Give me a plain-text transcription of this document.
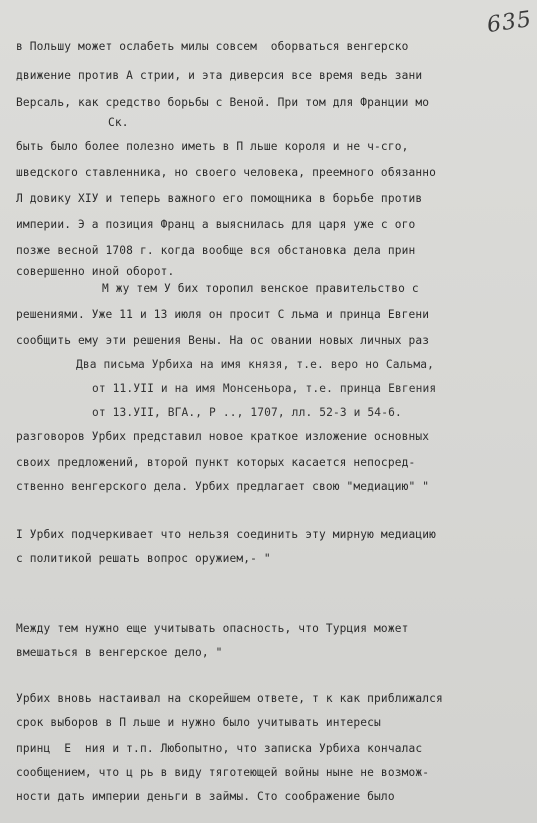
635
в Польшу может ослабеть милы совсем  оборваться венгерско
движение против А стрии, и эта диверсия все время ведь зани
Версаль, как средство борьбы с Веной. При том для Франции мо
Ск.
быть было более полезно иметь в П льше короля и не ч-сго,
шведского ставленника, но своего человека, преемного обязанно
Л довику XIУ и теперь важного его помощника в борьбе против
империи. Э а позиция Франц а выяснилась для царя уже с ого
позже весной 1708 г. когда вообще вся обстановка дела прин
совершенно иной оборот.
М жу тем У бих торопил венское правительство с
решениями. Уже 11 и 13 июля он просит С льма и принца Евгени
сообщить ему эти решения Вены. На ос овании новых личных раз
Два письма Урбиха на имя князя, т.е. веро но Сальма,
от 11.УII и на имя Монсеньора, т.е. принца Евгения
от 13.УII, ВГА., Р .., 1707, лл. 52-3 и 54-6.
разговоров Урбих представил новое краткое изложение основных
своих предложений, второй пункт которых касается непосред-
ственно венгерского дела. Урбих предлагает свою "медиацию" "
I Урбих подчеркивает что нельзя соединить эту мирную медиацию
с политикой решать вопрос оружием,- "
Между тем нужно еще учитывать опасность, что Турция может
вмешаться в венгерское дело, "
Урбих вновь настаивал на скорейшем ответе, т к как приближался
срок выборов в П льше и нужно было учитывать интересы
принц  Е  ния и т.п. Любопытно, что записка Урбиха кончалас
сообщением, что ц рь в виду тяготеющей войны ныне не возмож-
ности дать империи деньги в займы. Сто соображение было
